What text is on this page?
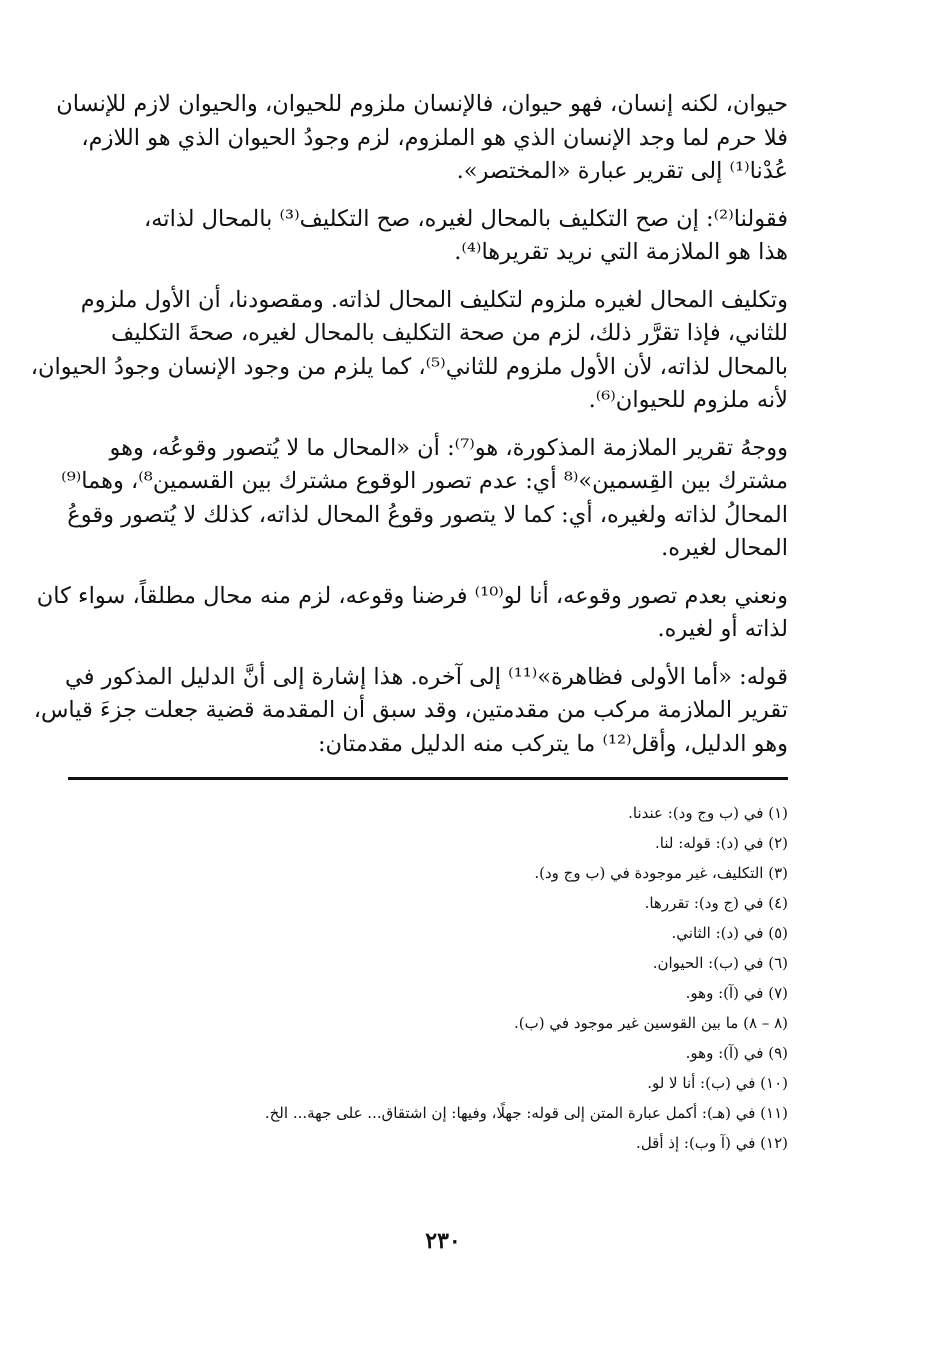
حيوان، لكنه إنسان، فهو حيوان، فالإنسان ملزوم للحيوان، والحيوان لازم للإنسان
فلا حرم لما وجد الإنسان الذي هو الملزوم، لزم وجودُ الحيوان الذي هو اللازم،
عُدْنا⁽¹⁾ إلى تقرير عبارة «المختصر».

فقولنا⁽²⁾: إن صح التكليف بالمحال لغيره، صح التكليف⁽³⁾ بالمحال لذاته،
هذا هو الملازمة التي نريد تقريرها⁽⁴⁾.

وتكليف المحال لغيره ملزوم لتكليف المحال لذاته. ومقصودنا، أن الأول ملزوم
للثاني، فإذا تقرَّر ذلك، لزم من صحة التكليف بالمحال لغيره، صحةَ التكليف
بالمحال لذاته، لأن الأول ملزوم للثاني⁽⁵⁾، كما يلزم من وجود الإنسان وجودُ الحيوان،
لأنه ملزوم للحيوان⁽⁶⁾.

ووجهُ تقرير الملازمة المذكورة، هو⁽⁷⁾: أن «المحال ما لا يُتصور وقوعُه، وهو
مشترك بين القِسمين»⁽⁸ أي: عدم تصور الوقوع مشترك بين القسمين⁸⁾، وهما⁽⁹⁾
المحالُ لذاته ولغيره، أي: كما لا يتصور وقوعُ المحال لذاته، كذلك لا يُتصور وقوعُ
المحال لغيره.

ونعني بعدم تصور وقوعه، أنا لو⁽¹⁰⁾ فرضنا وقوعه، لزم منه محال مطلقاً، سواء كان
لذاته أو لغيره.

قوله: «أما الأولى فظاهرة»⁽¹¹⁾ إلى آخره. هذا إشارة إلى أنَّ الدليل المذكور في
تقرير الملازمة مركب من مقدمتين، وقد سبق أن المقدمة قضية جعلت جزءَ قياس،
وهو الدليل، وأقل⁽¹²⁾ ما يتركب منه الدليل مقدمتان:

(١) في (ب وج ود): عندنا.
(٢) في (د): قوله: لنا.
(٣) التكليف، غير موجودة في (ب وج ود).
(٤) في (ج ود): تقررها.
(٥) في (د): الثاني.
(٦) في (ب): الحيوان.
(٧) في (آ): وهو.
(٨ – ٨) ما بين القوسين غير موجود في (ب).
(٩) في (آ): وهو.
(١٠) في (ب): أنا لا لو.
(١١) في (هـ): أكمل عبارة المتن إلى قوله: جهلًا، وفيها: إن اشتقاق... على جهة... الخ.
(١٢) في (آ وب): إذ أقل.
٢٣٠
